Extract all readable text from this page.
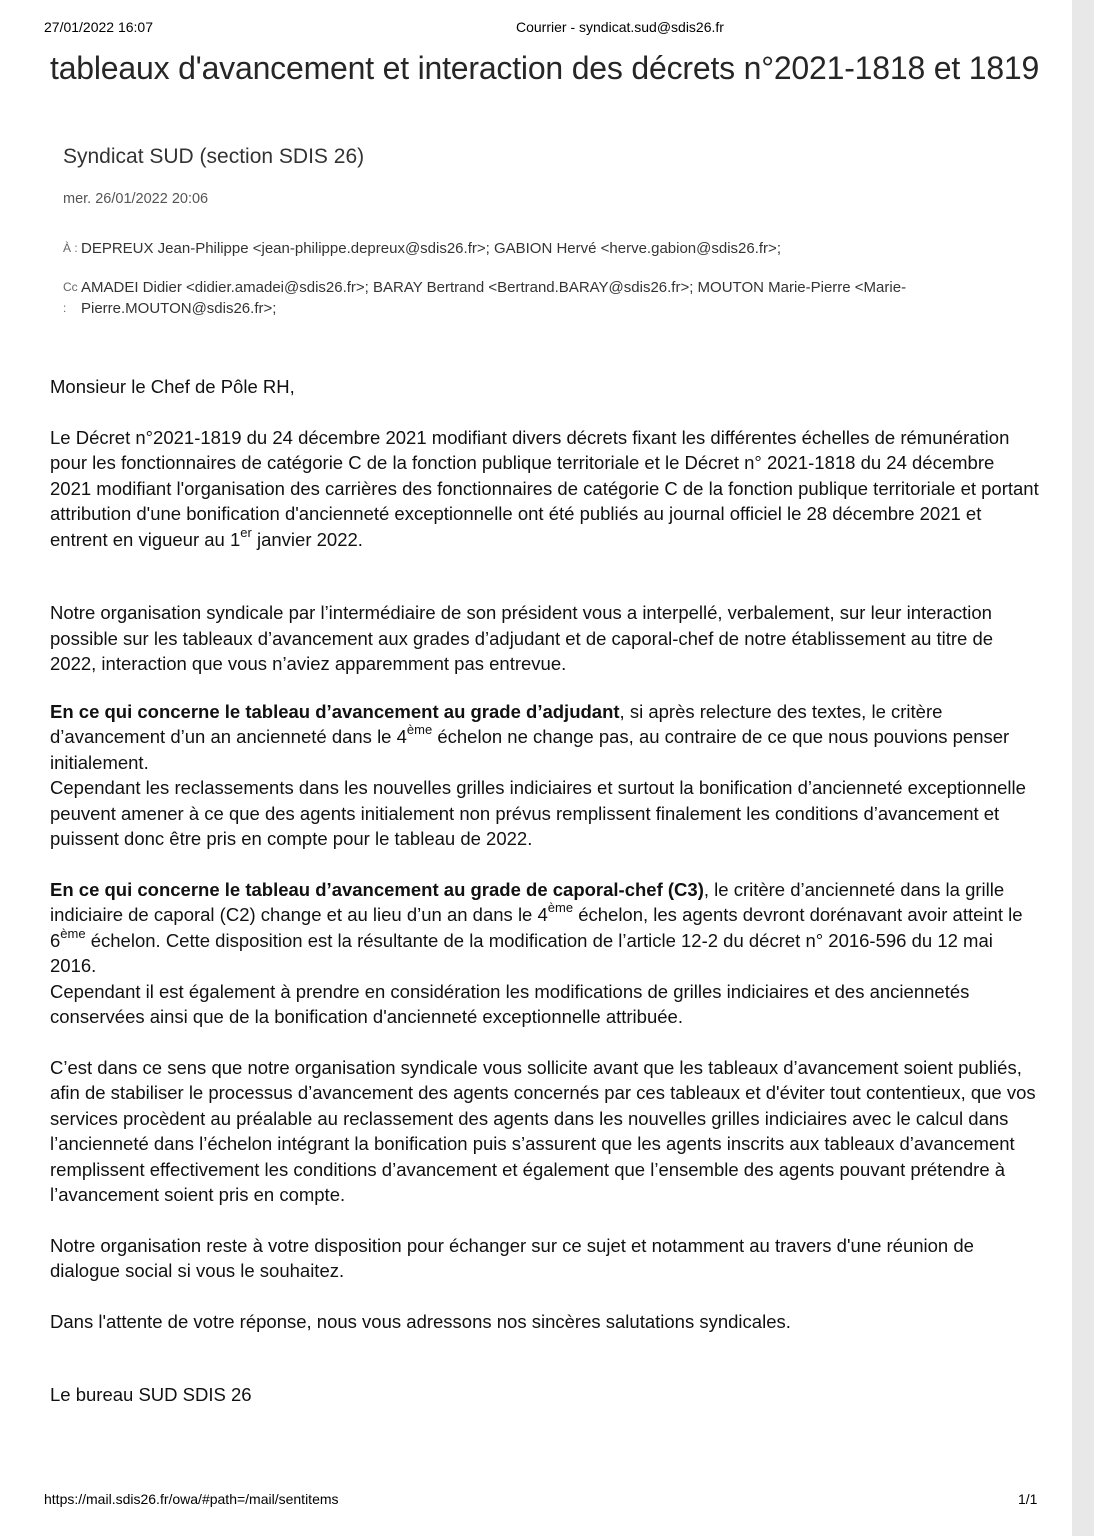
27/01/2022 16:07	Courrier - syndicat.sud@sdis26.fr
tableaux d'avancement et interaction des décrets n°2021-1818 et 1819
Syndicat SUD (section SDIS 26)
mer. 26/01/2022 20:06
À : DEPREUX Jean-Philippe <jean-philippe.depreux@sdis26.fr>; GABION Hervé <herve.gabion@sdis26.fr>;
Cc :
AMADEI Didier <didier.amadei@sdis26.fr>; BARAY Bertrand <Bertrand.BARAY@sdis26.fr>; MOUTON Marie-Pierre <Marie-Pierre.MOUTON@sdis26.fr>;

Monsieur le Chef de Pôle RH,

Le Décret n°2021-1819 du 24 décembre 2021 modifiant divers décrets fixant les différentes échelles de rémunération pour les fonctionnaires de catégorie C de la fonction publique territoriale et le Décret n° 2021-1818 du 24 décembre 2021 modifiant l'organisation des carrières des fonctionnaires de catégorie C de la fonction publique territoriale et portant attribution d'une bonification d'ancienneté exceptionnelle ont été publiés au journal officiel le 28 décembre 2021 et entrent en vigueur au 1er janvier 2022.

Notre organisation syndicale par l’intermédiaire de son président vous a interpellé, verbalement, sur leur interaction possible sur les tableaux d’avancement aux grades d’adjudant et de caporal-chef de notre établissement au titre de 2022, interaction que vous n’aviez apparemment pas entrevue.

En ce qui concerne le tableau d’avancement au grade d’adjudant, si après relecture des textes, le critère d’avancement d’un an ancienneté dans le 4ème échelon ne change pas, au contraire de ce que nous pouvions penser initialement.

Cependant les reclassements dans les nouvelles grilles indiciaires et surtout la bonification d’ancienneté exceptionnelle peuvent amener à ce que des agents initialement non prévus remplissent finalement les conditions d’avancement et puissent donc être pris en compte pour le tableau de 2022.

En ce qui concerne le tableau d’avancement au grade de caporal-chef (C3), le critère d’ancienneté dans la grille indiciaire de caporal (C2) change et au lieu d’un an dans le 4ème échelon, les agents devront dorénavant avoir atteint le 6ème échelon. Cette disposition est la résultante de la modification de l’article 12-2 du décret n° 2016-596 du 12 mai 2016.

Cependant il est également à prendre en considération les modifications de grilles indiciaires et des anciennetés conservées ainsi que de la bonification d'ancienneté exceptionnelle attribuée.

C’est dans ce sens que notre organisation syndicale vous sollicite avant que les tableaux d’avancement soient publiés, afin de stabiliser le processus d’avancement des agents concernés par ces tableaux et d'éviter tout contentieux, que vos services procèdent au préalable au reclassement des agents dans les nouvelles grilles indiciaires avec le calcul dans l’ancienneté dans l’échelon intégrant la bonification puis s’assurent que les agents inscrits aux tableaux d’avancement remplissent effectivement les conditions d’avancement et également que l’ensemble des agents pouvant prétendre à l’avancement soient pris en compte.

Notre organisation reste à votre disposition pour échanger sur ce sujet et notamment au travers d'une réunion de dialogue social si vous le souhaitez.

Dans l'attente de votre réponse, nous vous adressons nos sincères salutations syndicales.

Le bureau SUD SDIS 26

https://mail.sdis26.fr/owa/#path=/mail/sentitems	1/1
